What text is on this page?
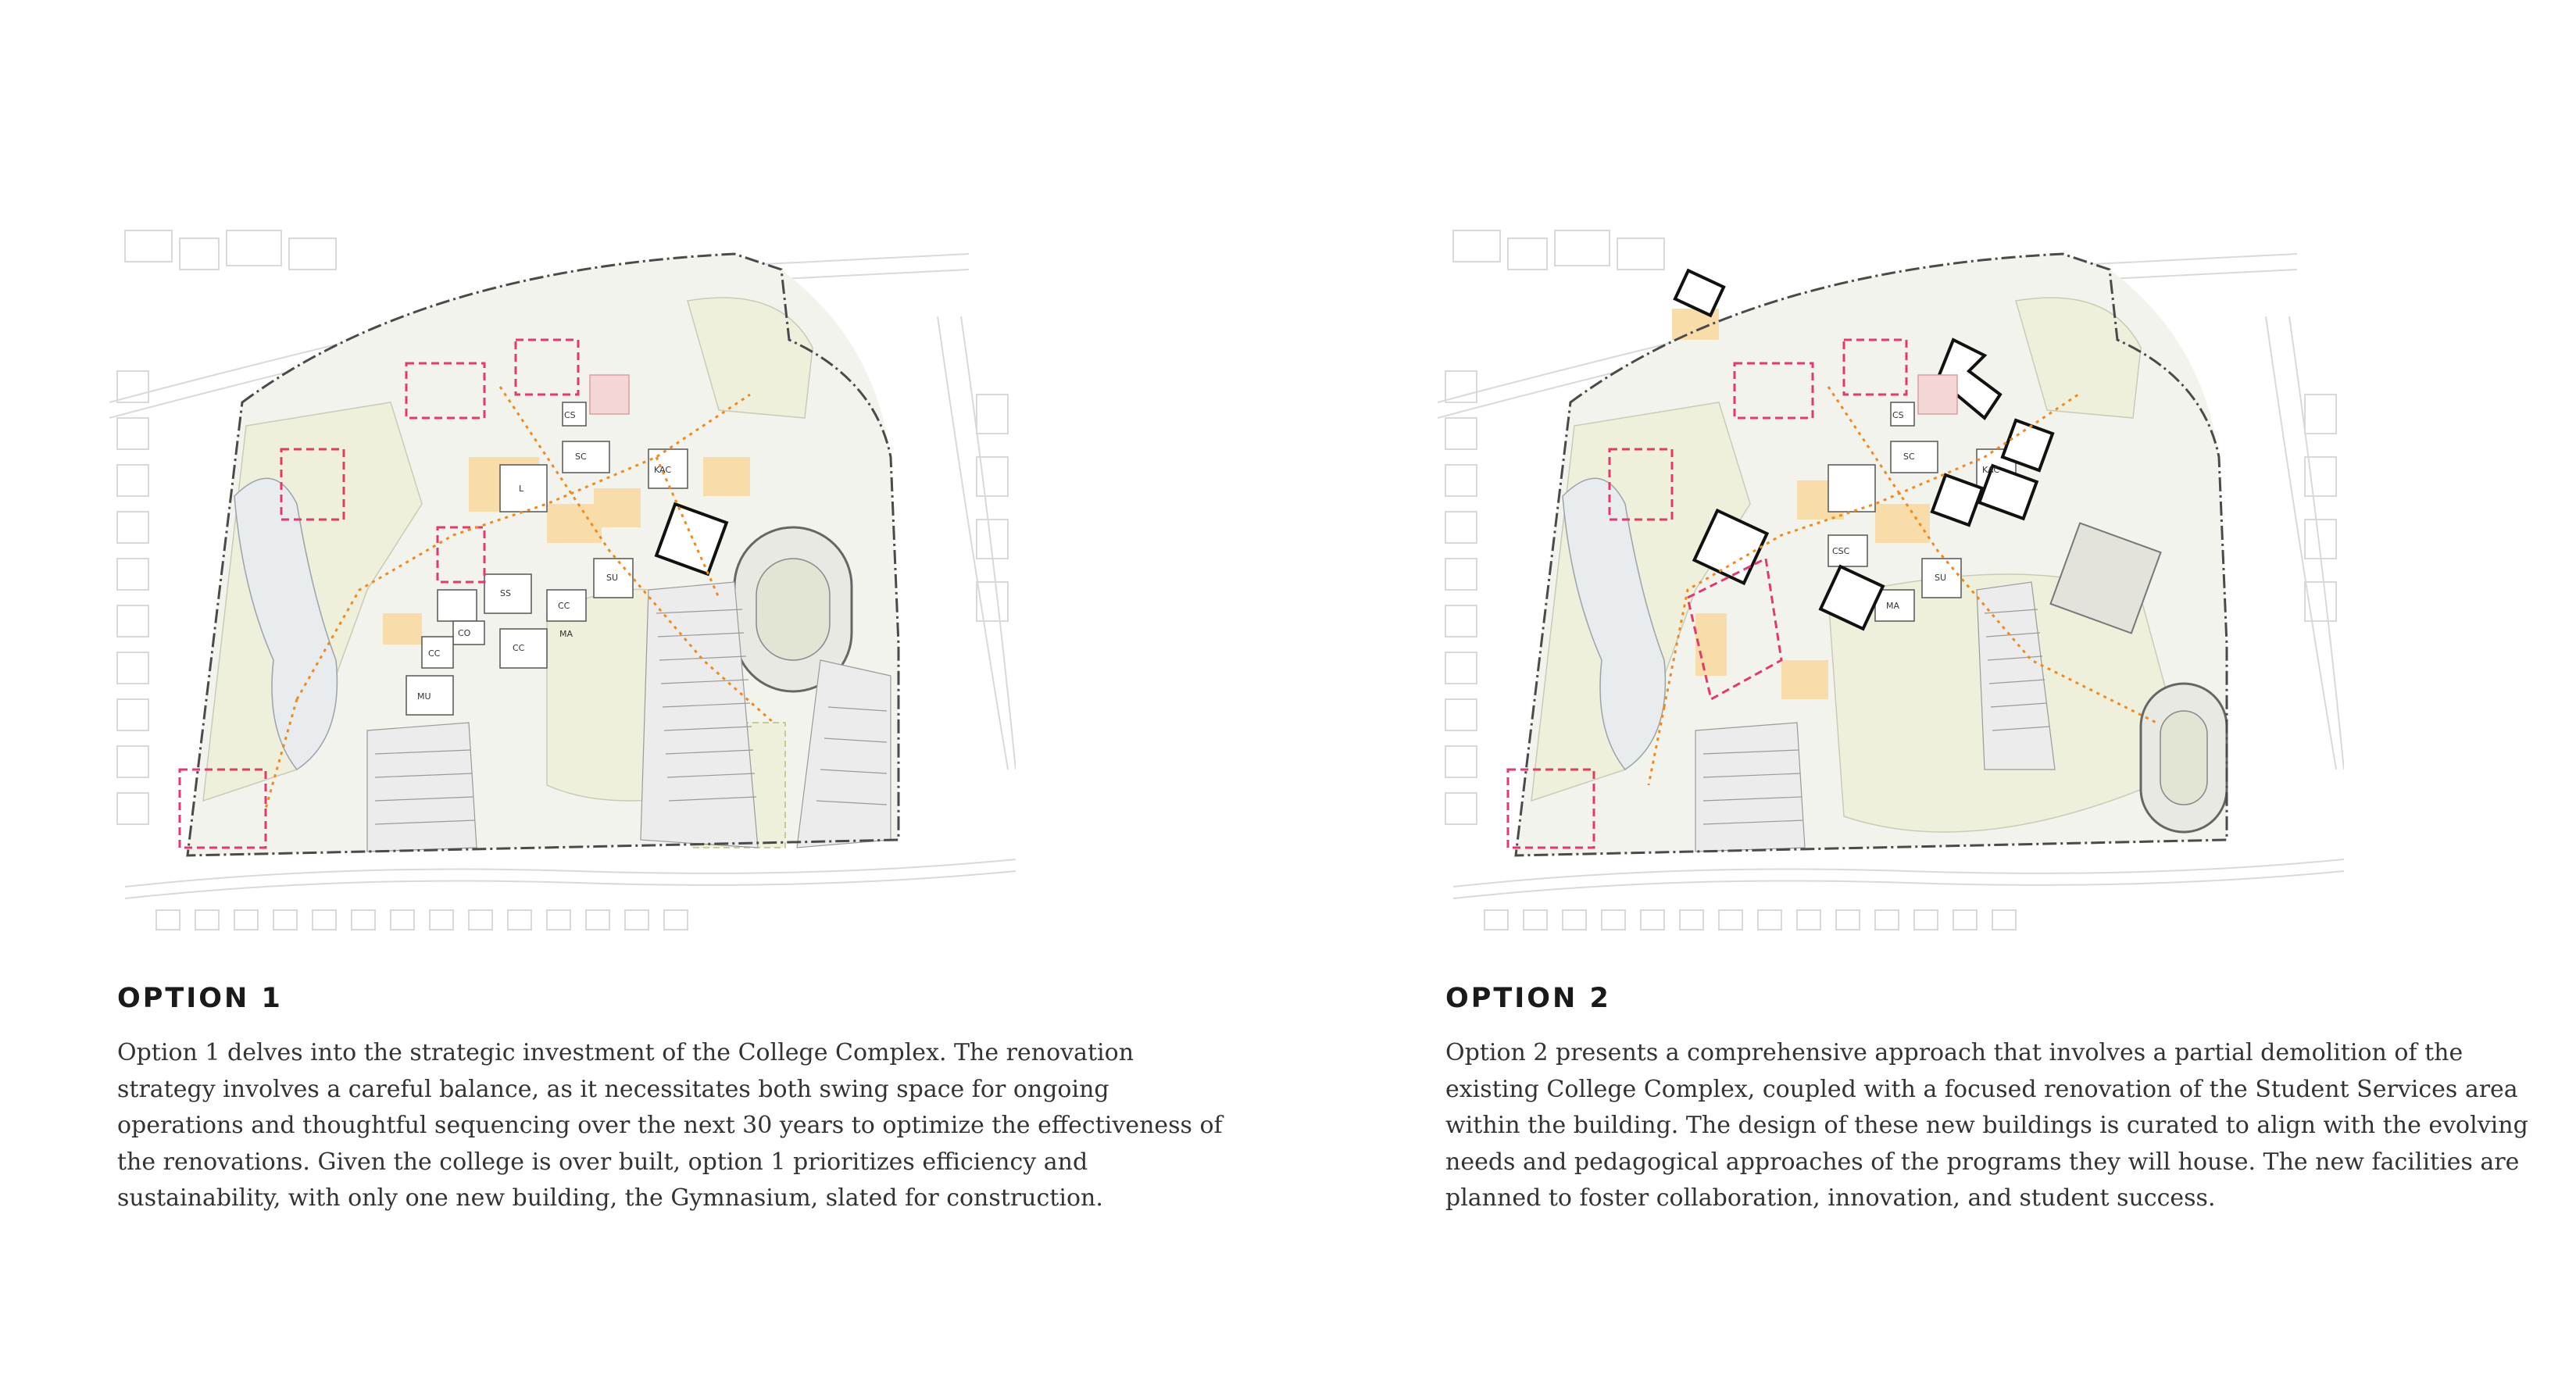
CS
SC
KAC
L
SU
SS
CC
MA
CO
CC
CC
MU
OPTION 1
Option 1 delves into the strategic investment of the College Complex. The renovation strategy involves a careful balance, as it necessitates both swing space for ongoing operations and thoughtful sequencing over the next 30 years to optimize the effectiveness of the renovations. Given the college is over built, option 1 prioritizes efficiency and sustainability, with only one new building, the Gymnasium, slated for construction.
CS
SC
KAC
CSC
SU
MA
OPTION 2
Option 2 presents a comprehensive approach that involves a partial demolition of the existing College Complex, coupled with a focused renovation of the Student Services area within the building. The design of these new buildings is curated to align with the evolving needs and pedagogical approaches of the programs they will house. The new facilities are planned to foster collaboration, innovation, and student success.
